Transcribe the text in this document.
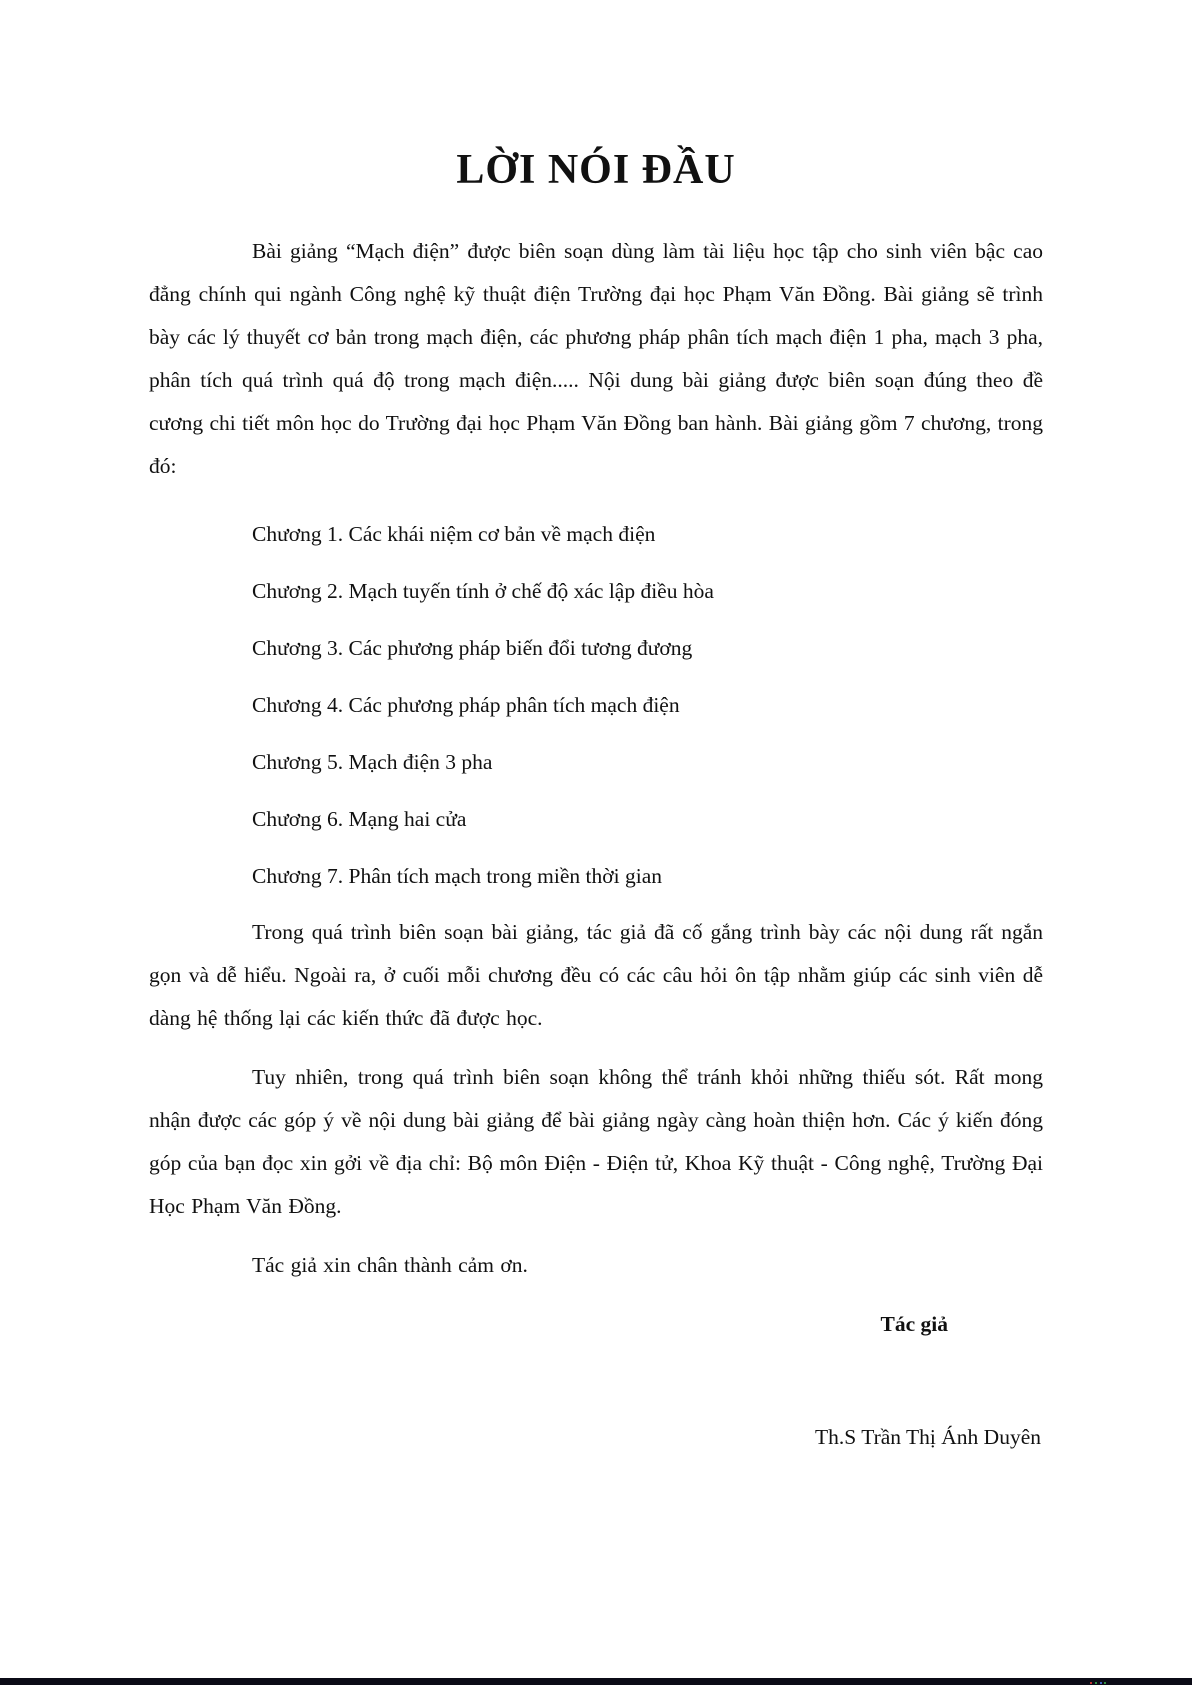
LỜI NÓI ĐẦU

Bài giảng “Mạch điện” được biên soạn dùng làm tài liệu học tập cho sinh viên bậc cao đẳng chính qui ngành Công nghệ kỹ thuật điện Trường đại học Phạm Văn Đồng. Bài giảng sẽ trình bày các lý thuyết cơ bản trong mạch điện, các phương pháp phân tích mạch điện 1 pha, mạch 3 pha, phân tích quá trình quá độ trong mạch điện..... Nội dung bài giảng được biên soạn đúng theo đề cương chi tiết môn học do Trường đại học Phạm Văn Đồng ban hành. Bài giảng gồm 7 chương, trong đó:

Chương 1. Các khái niệm cơ bản về mạch điện

Chương 2. Mạch tuyến tính ở chế độ xác lập điều hòa

Chương 3. Các phương pháp biến đổi tương đương

Chương 4. Các phương pháp phân tích mạch điện

Chương 5. Mạch điện 3 pha

Chương 6. Mạng hai cửa

Chương 7. Phân tích mạch trong miền thời gian

Trong quá trình biên soạn bài giảng, tác giả đã cố gắng trình bày các nội dung rất ngắn gọn và dễ hiểu. Ngoài ra, ở cuối mỗi chương đều có các câu hỏi ôn tập nhằm giúp các sinh viên dễ dàng hệ thống lại các kiến thức đã được học.

Tuy nhiên, trong quá trình biên soạn không thể tránh khỏi những thiếu sót. Rất mong nhận được các góp ý về nội dung bài giảng để bài giảng ngày càng hoàn thiện hơn. Các ý kiến đóng góp của bạn đọc xin gởi về địa chỉ: Bộ môn Điện - Điện tử, Khoa Kỹ thuật - Công nghệ, Trường Đại Học Phạm Văn Đồng.

Tác giả xin chân thành cảm ơn.

Tác giả

Th.S Trần Thị Ánh Duyên
